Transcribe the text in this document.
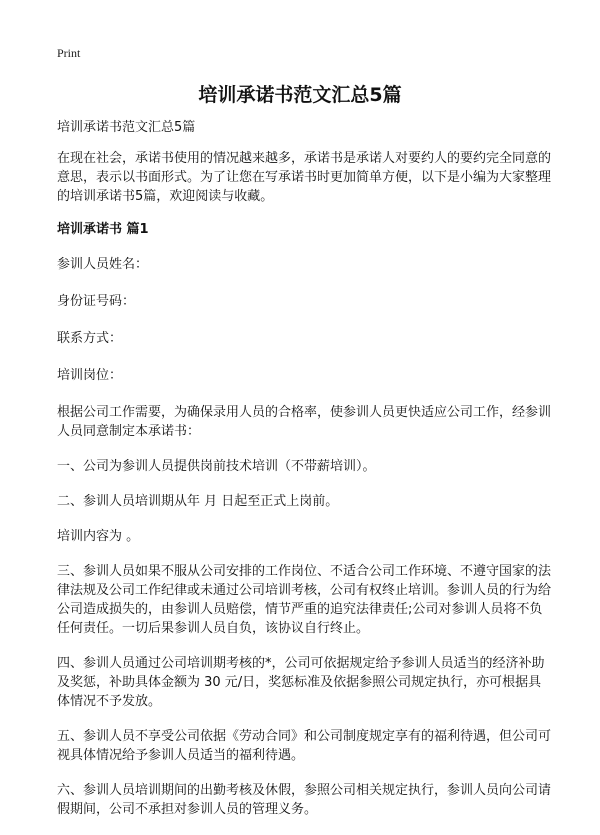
Print
培训承诺书范文汇总5篇

培训承诺书范文汇总5篇

在现在社会，承诺书使用的情况越来越多，承诺书是承诺人对要约人的要约完全同意的意思，表示以书面形式。为了让您在写承诺书时更加简单方便，以下是小编为大家整理的培训承诺书5篇，欢迎阅读与收藏。

培训承诺书 篇1

参训人员姓名：

身份证号码：

联系方式：

培训岗位：

根据公司工作需要，为确保录用人员的合格率，使参训人员更快适应公司工作，经参训人员同意制定本承诺书：

一、公司为参训人员提供岗前技术培训（不带薪培训）。

二、参训人员培训期从年 月 日起至正式上岗前。

培训内容为 。

三、参训人员如果不服从公司安排的工作岗位、不适合公司工作环境、不遵守国家的法律法规及公司工作纪律或未通过公司培训考核，公司有权终止培训。参训人员的行为给公司造成损失的，由参训人员赔偿，情节严重的追究法律责任;公司对参训人员将不负任何责任。一切后果参训人员自负，该协议自行终止。

四、参训人员通过公司培训期考核的*，公司可依据规定给予参训人员适当的经济补助及奖惩，补助具体金额为 30 元/日，奖惩标准及依据参照公司规定执行，亦可根据具体情况不予发放。

五、参训人员不享受公司依据《劳动合同》和公司制度规定享有的福利待遇，但公司可视具体情况给予参训人员适当的福利待遇。

六、参训人员培训期间的出勤考核及休假，参照公司相关规定执行，参训人员向公司请假期间，公司不承担对参训人员的管理义务。
